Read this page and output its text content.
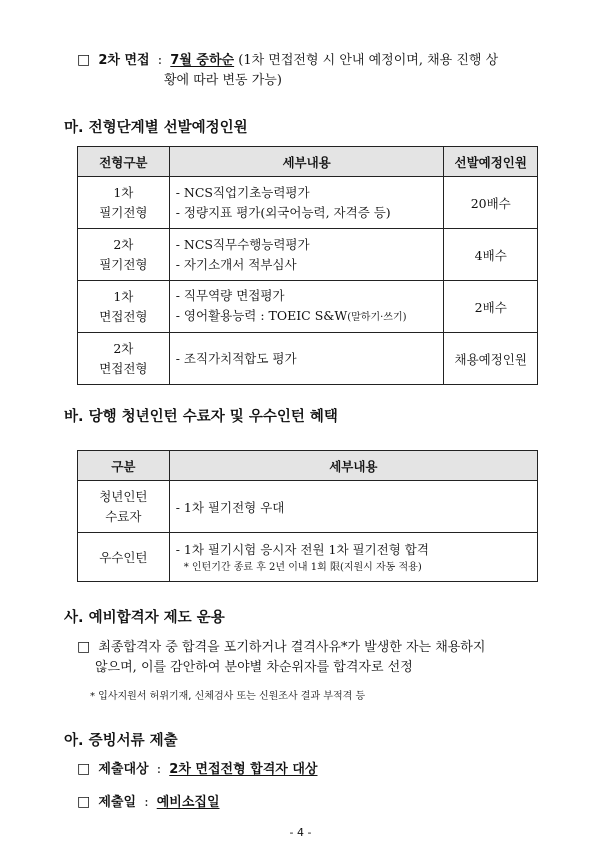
□ 2차 면접 : 7월 중하순 (1차 면접전형 시 안내 예정이며, 채용 진행 상
황에 따라 변동 가능)
마. 전형단계별 선발예정인원
전형구분	세부내용	선발예정인원

1차
필기전형	- NCS직업기초능력평가
- 정량지표 평가(외국어능력, 자격증 등)	20배수

2차
필기전형	- NCS직무수행능력평가
- 자기소개서 적부심사	4배수

1차
면접전형	- 직무역량 면접평가
- 영어활용능력 : TOEIC S&W(말하기·쓰기)	2배수

2차
면접전형	- 조직가치적합도 평가	채용예정인원
바. 당행 청년인턴 수료자 및 우수인턴 혜택
구분	세부내용

청년인턴
수료자	- 1차 필기전형 우대
우수인턴	- 1차 필기시험 응시자 전원 1차 필기전형 합격
* 인턴기간 종료 후 2년 이내 1회 限(지원시 자동 적용)
사. 예비합격자 제도 운용
□ 최종합격자 중 합격을 포기하거나 결격사유*가 발생한 자는 채용하지
않으며, 이를 감안하여 분야별 차순위자를 합격자로 선정
* 입사지원서 허위기재, 신체검사 또는 신원조사 결과 부적격 등
아. 증빙서류 제출
□ 제출대상 : 2차 면접전형 합격자 대상
□ 제출일 : 예비소집일
- 4 -
